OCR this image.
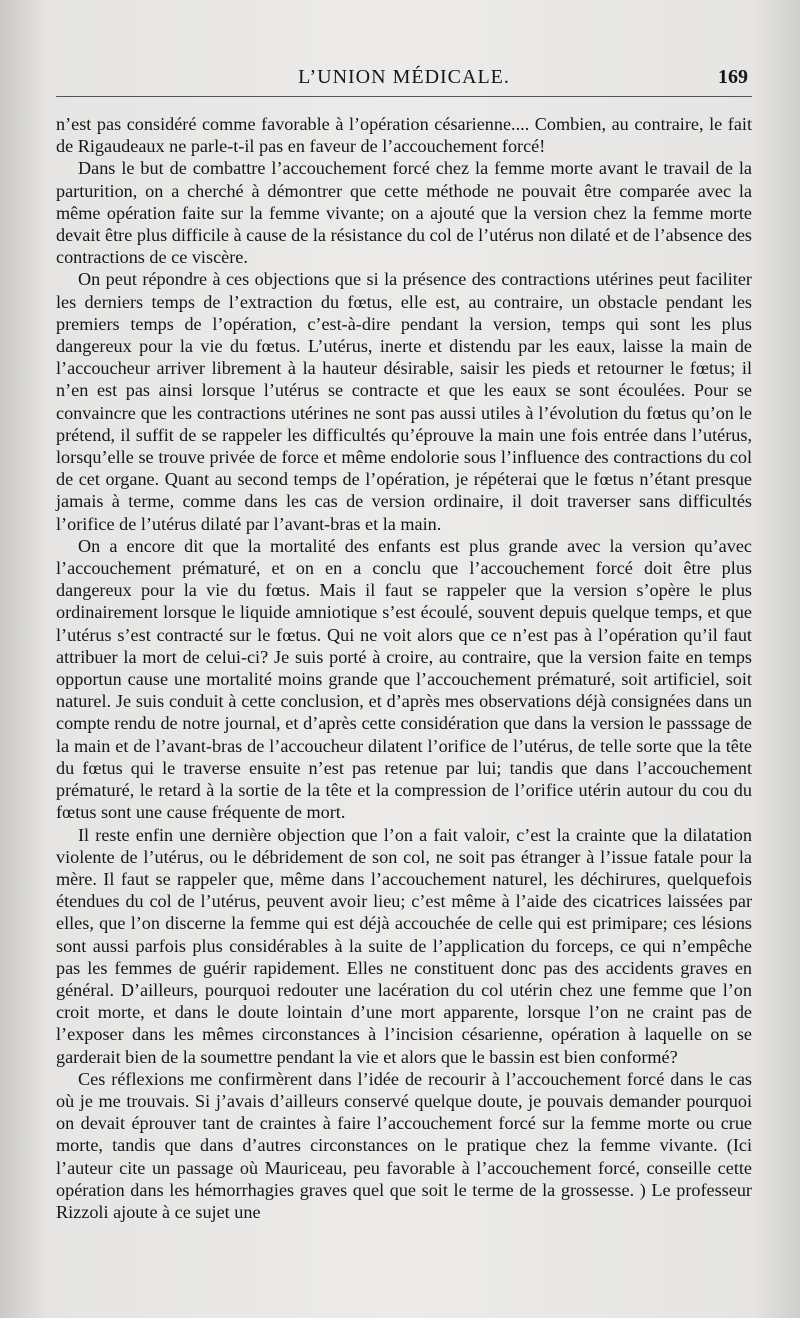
L’UNION MÉDICALE.	169

n’est pas considéré comme favorable à l’opération césarienne.... Combien, au contraire, le fait de Rigaudeaux ne parle-t-il pas en faveur de l’accouchement forcé!

Dans le but de combattre l’accouchement forcé chez la femme morte avant le travail de la parturition, on a cherché à démontrer que cette méthode ne pouvait être comparée avec la même opération faite sur la femme vivante; on a ajouté que la version chez la femme morte devait être plus difficile à cause de la résistance du col de l’utérus non dilaté et de l’absence des contractions de ce viscère.

On peut répondre à ces objections que si la présence des contractions utérines peut faciliter les derniers temps de l’extraction du fœtus, elle est, au contraire, un obstacle pendant les premiers temps de l’opération, c’est-à-dire pendant la version, temps qui sont les plus dangereux pour la vie du fœtus. L’utérus, inerte et distendu par les eaux, laisse la main de l’accoucheur arriver librement à la hauteur désirable, saisir les pieds et retourner le fœtus; il n’en est pas ainsi lorsque l’utérus se contracte et que les eaux se sont écoulées. Pour se convaincre que les contractions utérines ne sont pas aussi utiles à l’évolution du fœtus qu’on le prétend, il suffit de se rappeler les difficultés qu’éprouve la main une fois entrée dans l’utérus, lorsqu’elle se trouve privée de force et même endolorie sous l’influence des contractions du col de cet organe. Quant au second temps de l’opération, je répéterai que le fœtus n’étant presque jamais à terme, comme dans les cas de version ordinaire, il doit traverser sans difficultés l’orifice de l’utérus dilaté par l’avant-bras et la main.

On a encore dit que la mortalité des enfants est plus grande avec la version qu’avec l’accouchement prématuré, et on en a conclu que l’accouchement forcé doit être plus dangereux pour la vie du fœtus. Mais il faut se rappeler que la version s’opère le plus ordinairement lorsque le liquide amniotique s’est écoulé, souvent depuis quelque temps, et que l’utérus s’est contracté sur le fœtus. Qui ne voit alors que ce n’est pas à l’opération qu’il faut attribuer la mort de celui-ci? Je suis porté à croire, au contraire, que la version faite en temps opportun cause une mortalité moins grande que l’accouchement prématuré, soit artificiel, soit naturel. Je suis conduit à cette conclusion, et d’après mes observations déjà consignées dans un compte rendu de notre journal, et d’après cette considération que dans la version le passsage de la main et de l’avant-bras de l’accoucheur dilatent l’orifice de l’utérus, de telle sorte que la tête du fœtus qui le traverse ensuite n’est pas retenue par lui; tandis que dans l’accouchement prématuré, le retard à la sortie de la tête et la compression de l’orifice utérin autour du cou du fœtus sont une cause fréquente de mort.

Il reste enfin une dernière objection que l’on a fait valoir, c’est la crainte que la dilatation violente de l’utérus, ou le débridement de son col, ne soit pas étranger à l’issue fatale pour la mère. Il faut se rappeler que, même dans l’accouchement naturel, les déchirures, quelquefois étendues du col de l’utérus, peuvent avoir lieu; c’est même à l’aide des cicatrices laissées par elles, que l’on discerne la femme qui est déjà accouchée de celle qui est primipare; ces lésions sont aussi parfois plus considérables à la suite de l’application du forceps, ce qui n’empêche pas les femmes de guérir rapidement. Elles ne constituent donc pas des accidents graves en général. D’ailleurs, pourquoi redouter une lacération du col utérin chez une femme que l’on croit morte, et dans le doute lointain d’une mort apparente, lorsque l’on ne craint pas de l’exposer dans les mêmes circonstances à l’incision césarienne, opération à laquelle on se garderait bien de la soumettre pendant la vie et alors que le bassin est bien conformé?

Ces réflexions me confirmèrent dans l’idée de recourir à l’accouchement forcé dans le cas où je me trouvais. Si j’avais d’ailleurs conservé quelque doute, je pouvais demander pourquoi on devait éprouver tant de craintes à faire l’accouchement forcé sur la femme morte ou crue morte, tandis que dans d’autres circonstances on le pratique chez la femme vivante. (Ici l’auteur cite un passage où Mauriceau, peu favorable à l’accouchement forcé, conseille cette opération dans les hémorrhagies graves quel que soit le terme de la grossesse. ) Le professeur Rizzoli ajoute à ce sujet une
